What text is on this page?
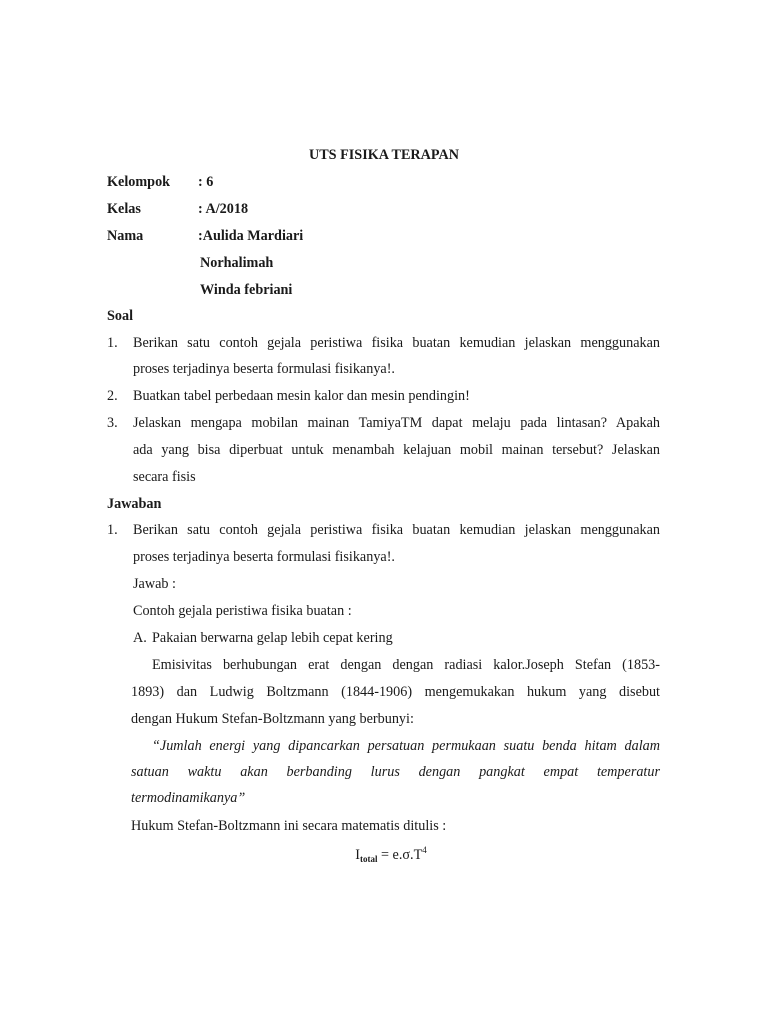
UTS FISIKA TERAPAN
Kelompok : 6
Kelas	: A/2018
Nama	:Aulida Mardiari
Norhalimah
Winda febriani
Soal
1. Berikan satu contoh gejala peristiwa fisika buatan kemudian jelaskan menggunakan
proses terjadinya beserta formulasi fisikanya!.
2. Buatkan tabel perbedaan mesin kalor dan mesin pendingin!
3. Jelaskan mengapa mobilan mainan TamiyaTM dapat melaju pada lintasan? Apakah
ada yang bisa diperbuat untuk menambah kelajuan mobil mainan tersebut? Jelaskan
secara fisis
Jawaban
1. Berikan satu contoh gejala peristiwa fisika buatan kemudian jelaskan menggunakan
proses terjadinya beserta formulasi fisikanya!.
Jawab :
Contoh gejala peristiwa fisika buatan :
A. Pakaian berwarna gelap lebih cepat kering
Emisivitas berhubungan erat dengan dengan radiasi kalor.Joseph Stefan (1853-
1893) dan Ludwig Boltzmann (1844-1906) mengemukakan hukum yang disebut
dengan Hukum Stefan-Boltzmann yang berbunyi:
“Jumlah energi yang dipancarkan persatuan permukaan suatu benda hitam dalam
satuan waktu akan berbanding lurus dengan pangkat empat temperatur
termodinamikanya”
Hukum Stefan-Boltzmann ini secara matematis ditulis :
$I_{total} = e.\sigma.T^4$
